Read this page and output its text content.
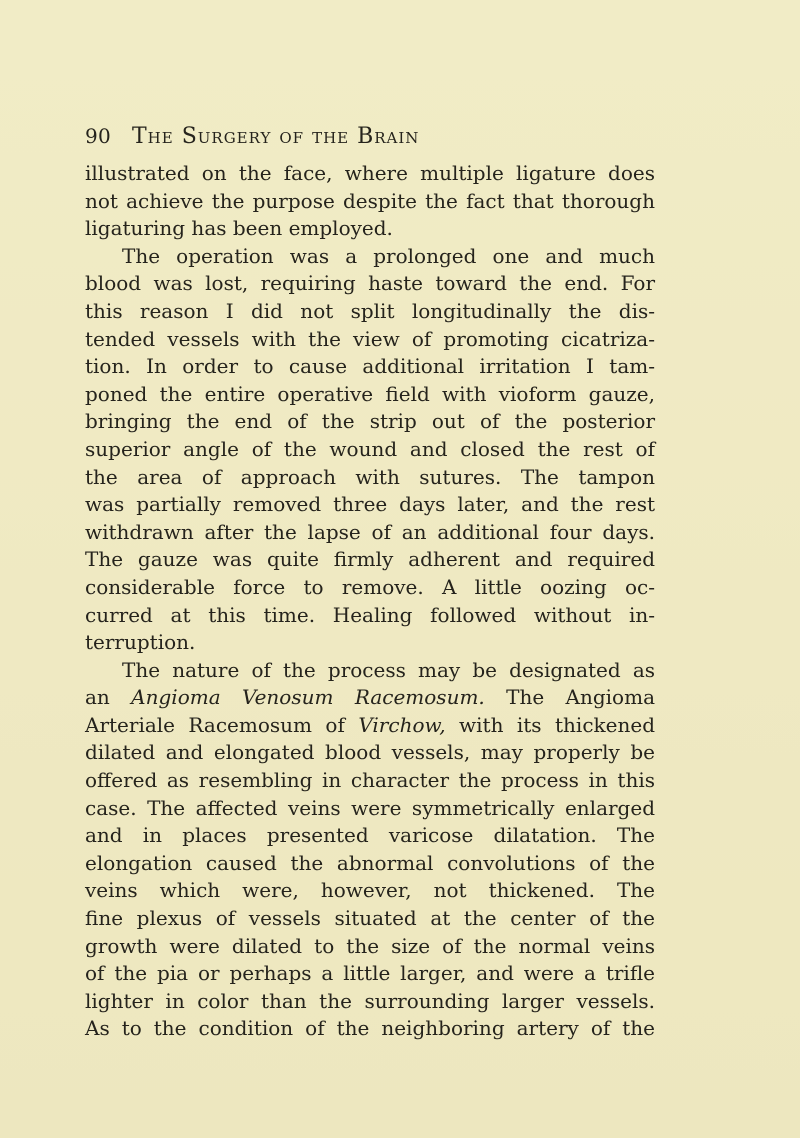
90 The Surgery of the Brain

illustrated on the face, where multiple ligature does
not achieve the purpose despite the fact that thorough
ligaturing has been employed.

The operation was a prolonged one and much
blood was lost, requiring haste toward the end. For
this reason I did not split longitudinally the dis-
tended vessels with the view of promoting cicatriza-
tion. In order to cause additional irritation I tam-
poned the entire operative field with vioform gauze,
bringing the end of the strip out of the posterior
superior angle of the wound and closed the rest of
the area of approach with sutures. The tampon
was partially removed three days later, and the rest
withdrawn after the lapse of an additional four days.
The gauze was quite firmly adherent and required
considerable force to remove. A little oozing oc-
curred at this time. Healing followed without in-
terruption.

The nature of the process may be designated as
an Angioma Venosum Racemosum. The Angioma
Arteriale Racemosum of Virchow, with its thickened
dilated and elongated blood vessels, may properly be
offered as resembling in character the process in this
case. The affected veins were symmetrically enlarged
and in places presented varicose dilatation. The
elongation caused the abnormal convolutions of the
veins which were, however, not thickened. The
fine plexus of vessels situated at the center of the
growth were dilated to the size of the normal veins
of the pia or perhaps a little larger, and were a trifle
lighter in color than the surrounding larger vessels.
As to the condition of the neighboring artery of the
